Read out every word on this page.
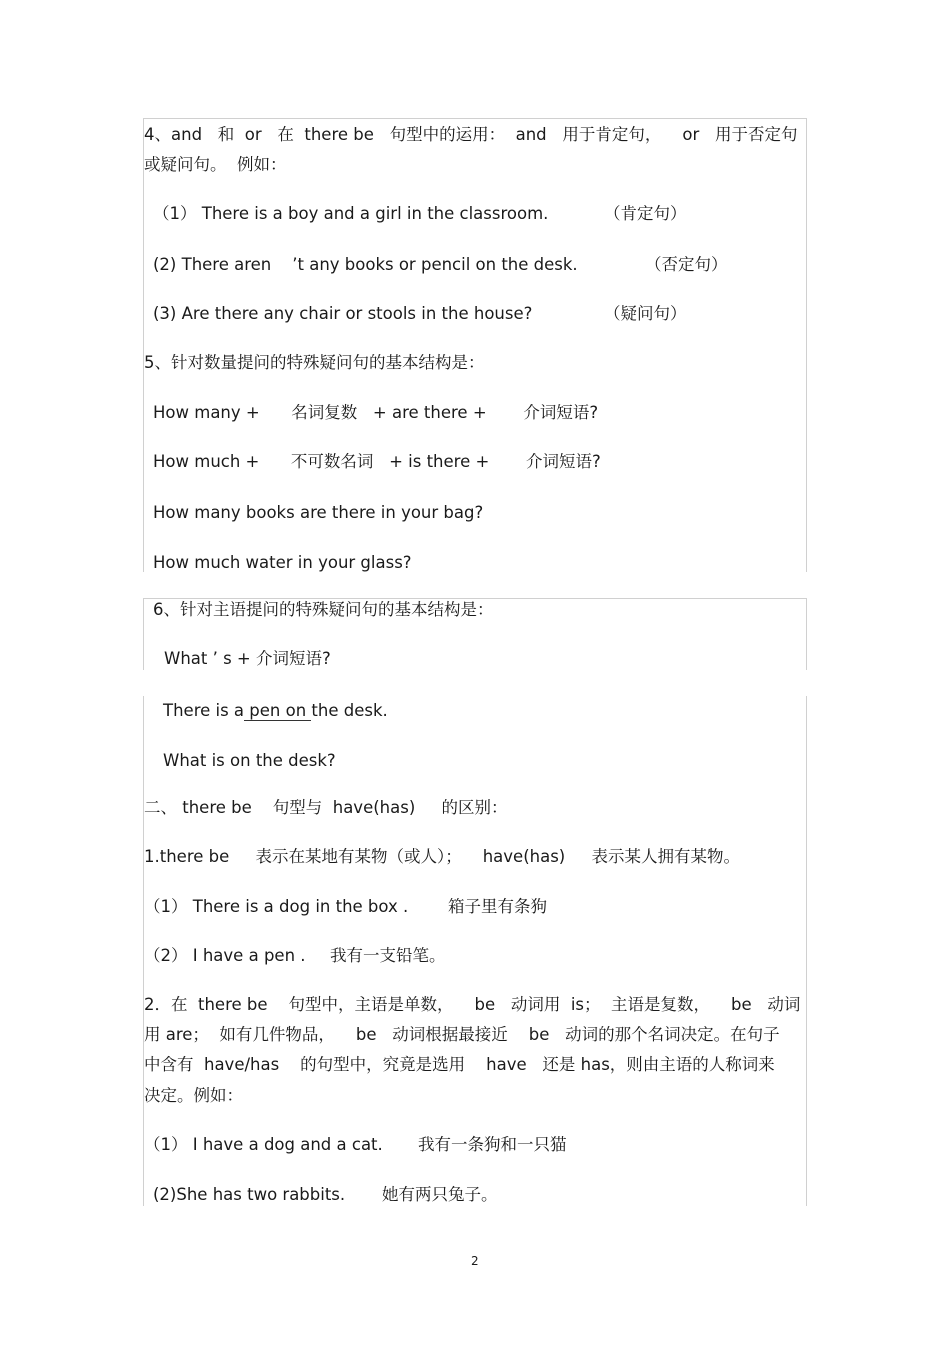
4、and   和  or   在  there be   句型中的运用：  and   用于肯定句，    or   用于否定句
或疑问句。  例如：
（1） There is a boy and a girl in the classroom.	（肯定句）
(2) There aren    ’t any books or pencil on the desk.	（否定句）
(3) Are there any chair or stools in the house?	（疑问句）
5、针对数量提问的特殊疑问句的基本结构是：
How many +      名词复数   + are there +       介词短语?
How much +      不可数名词   + is there +       介词短语?
How many books are there in your bag?
How much water in your glass?
6、针对主语提问的特殊疑问句的基本结构是：
What ’ s + 介词短语?
There is a pen on the desk.
What is on the desk?
二、 there be    句型与  have(has)     的区别：
1.there be     表示在某地有某物（或人）；    have(has)     表示某人拥有某物。
（1） There is a dog in the box . 箱子里有条狗
（2） I have a pen . 我有一支铅笔。
2．在  there be    句型中，主语是单数，    be   动词用  is；  主语是复数，    be   动词
用 are；  如有几件物品，    be   动词根据最接近    be   动词的那个名词决定。在句子
中含有  have/has    的句型中，究竟是选用    have   还是 has，则由主语的人称词来
决定。例如：
（1） I have a dog and a cat. 我有一条狗和一只猫
(2)She has two rabbits. 她有两只兔子。
2
